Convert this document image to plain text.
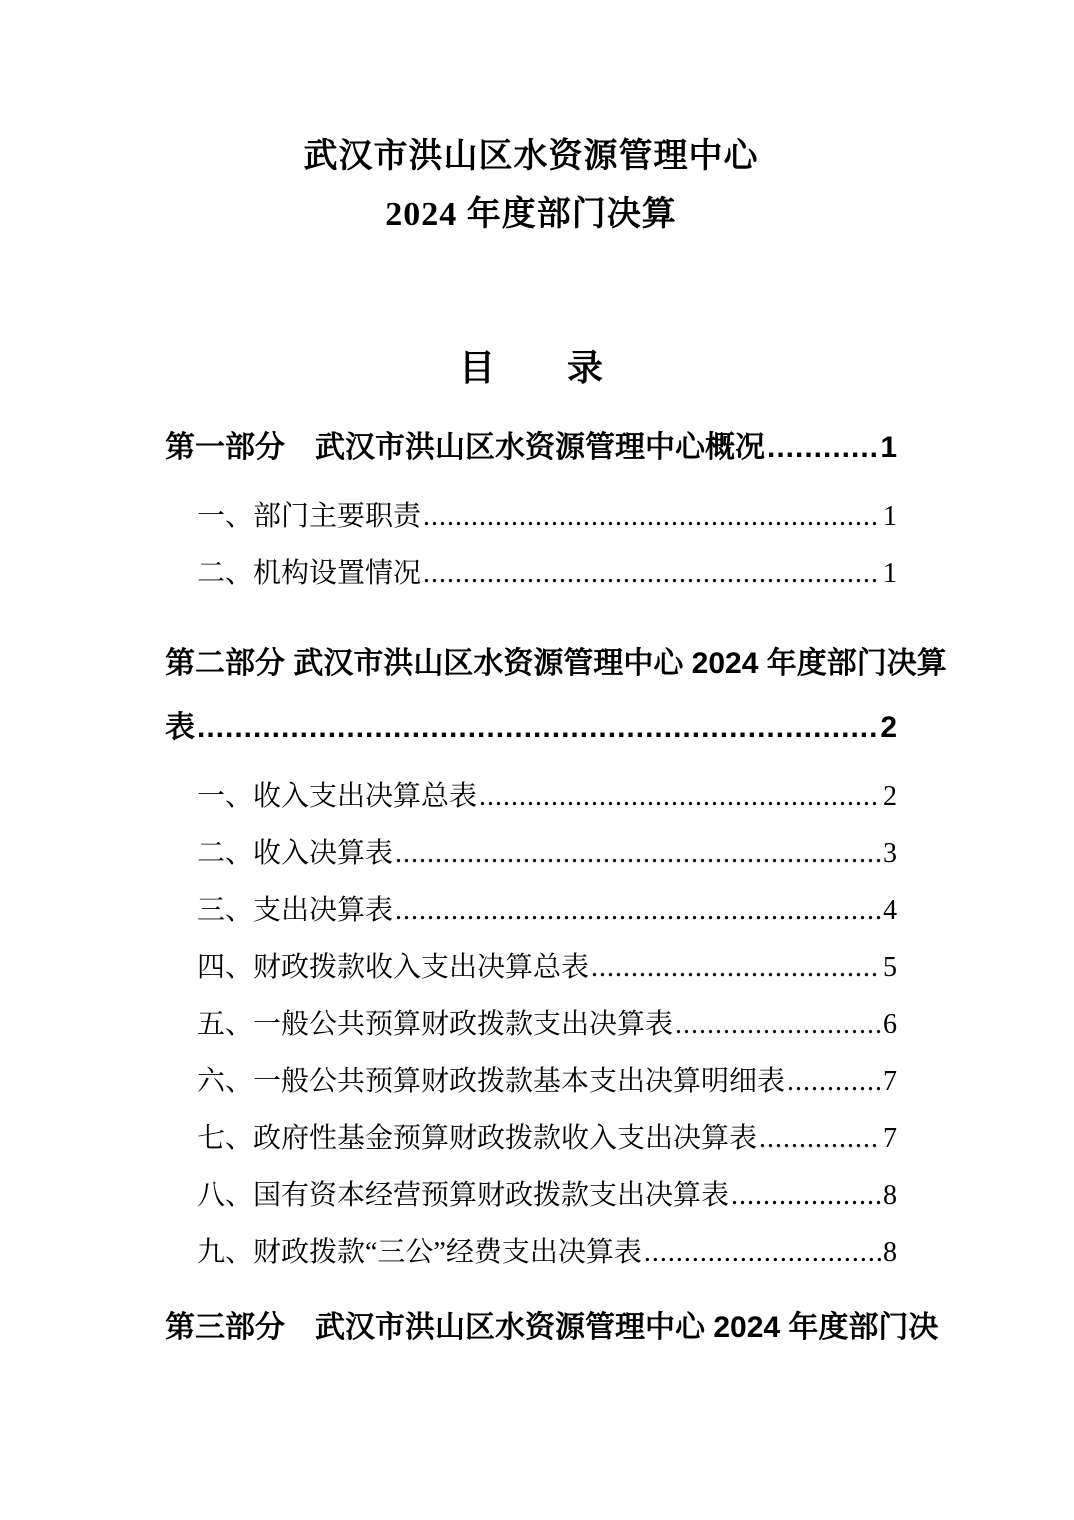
武汉市洪山区水资源管理中心
2024 年度部门决算
目　　录
第一部分　武汉市洪山区水资源管理中心概况 .....	1
一、部门主要职责 .....	1
二、机构设置情况 .....	1
第二部分 武汉市洪山区水资源管理中心 2024 年度部门决算
表 .....	2
一、收入支出决算总表 .....	2
二、收入决算表 .....	3
三、支出决算表 .....	4
四、财政拨款收入支出决算总表 .....	5
五、一般公共预算财政拨款支出决算表 .....	6
六、一般公共预算财政拨款基本支出决算明细表 .....	7
七、政府性基金预算财政拨款收入支出决算表 .....	7
八、国有资本经营预算财政拨款支出决算表 .....	8
九、财政拨款“三公”经费支出决算表 .....	8
第三部分　武汉市洪山区水资源管理中心 2024 年度部门决
